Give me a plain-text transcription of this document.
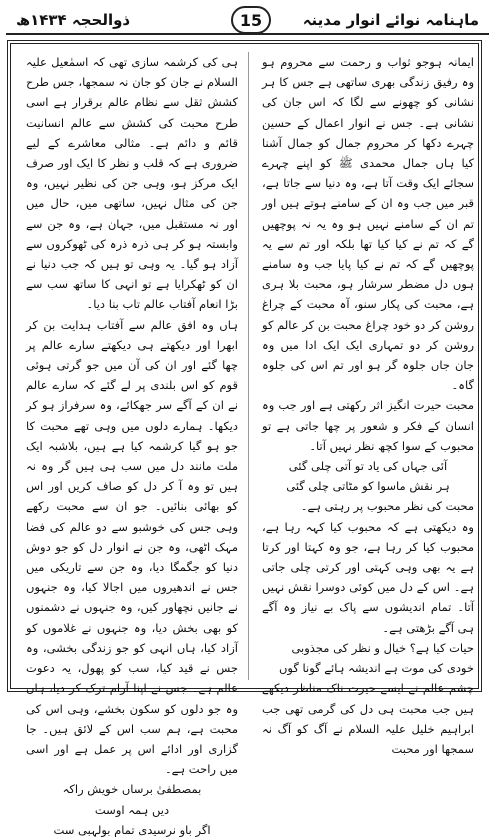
ذوالحجہ ۱۴۳۴ھ	15	ماہنامہ نوائے انوار مدینہ

ایمانہ ہوجو ثواب و رحمت سے محروم ہو وہ رفیق زندگی بھری ساتھی ہے جس کا ہر نشانی کو چھونے سے لگا کہ اس جان کی نشانی ہے۔ جس نے انوار اعمال کے حسین چہرے دکھا کر محروم جمال کو جمال آشنا کیا ہاں جمال محمدی ﷺ کو اپنے چہرے سجائے ایک وقت آتا ہے، وہ دنیا سے جاتا ہے، قبر میں جب وہ ان کے سامنے ہوتے ہیں اور تم ان کے سامنے نہیں ہو وہ یہ نہ پوچھیں گے کہ تم نے کیا کیا تھا بلکہ اور تم سے یہ پوچھیں گے کہ تم نے کیا پایا جب وہ سامنے ہوں دل مضطر سرشار ہو، محبت بلا ہری ہے، محبت کی پکار سنو، آہ محبت کے چراغ روشن کر دو خود چراغ محبت بن کر عالم کو روشن کر دو تمہاری ایک ایک ادا میں وہ جان جاں جلوہ گر ہو اور تم اس کی جلوہ گاہ۔

محبت حیرت انگیز اثر رکھتی ہے اور جب وہ انسان کے فکر و شعور پر چھا جاتی ہے تو محبوب کے سوا کچھ نظر نہیں آتا۔

آئی جہاں کی یاد تو آتی چلی گئی

ہر نقش ماسوا کو مٹاتی چلی گئی

محبت کی نظر محبوب پر رہتی ہے۔

وہ دیکھتی ہے کہ محبوب کیا کہہ رہا ہے، محبوب کیا کر رہا ہے، جو وہ کہتا اور کرتا ہے یہ بھی وہی کہتی اور کرتی چلی جاتی ہے۔ اس کے دل میں کوئی دوسرا نقش نہیں آتا۔ تمام اندیشوں سے پاک بے نیاز وہ آگے ہی آگے بڑھتی ہے۔

حیات کیا ہے؟ خیال و نظر کی مجذوبی

خودی کی موت ہے اندیشہ ہائے گونا گوں

چشم عالم نے ایسے حیرت ناک مناظر دیکھے ہیں جب محبت ہی دل کی گرمی تھی جب ابراہیم خلیل علیہ السلام نے آگ کو آگ نہ سمجھا اور محبت

ہی کی کرشمہ سازی تھی کہ اسمٰعیل علیہ السلام نے جان کو جان نہ سمجھا، جس طرح کشش ثقل سے نظام عالم برقرار ہے اسی طرح محبت کی کشش سے عالم انسانیت قائم و دائم ہے۔ مثالی معاشرے کے لیے ضروری ہے کہ قلب و نظر کا ایک اور صرف ایک مرکز ہو، وہی جن کی نظیر نہیں، وہ جن کی مثال نہیں، ساتھی میں، حال میں اور نہ مستقبل میں، جہان ہے، وہ جن سے وابستہ ہو کر ہی ذرہ ذرہ کی ٹھوکروں سے آزاد ہو گیا۔ یہ وہی تو ہیں کہ جب دنیا نے ان کو ٹھکرایا ہے تو انہی کا ساتھ سب سے بڑا انعام آفتاب عالم تاب بنا دیا۔

ہاں وہ افق عالم سے آفتاب ہدایت بن کر ابھرا اور دیکھتے ہی دیکھتے سارے عالم پر چھا گئے اور ان کی آن میں جو گرتی ہوئی قوم کو اس بلندی پر لے گئے کہ سارے عالم نے ان کے آگے سر جھکائے، وہ سرفراز ہو کر دیکھا۔ ہمارے دلوں میں وہی تھے محبت کا جو ہو گیا کرشمہ کیا ہے ہیں، بلاشبہ ایک ملت مانند دل میں سب ہی ہیں گر وہ نہ ہیں تو وہ آ کر دل کو صاف کریں اور اس کو بھائی بنائیں۔ جو ان سے محبت رکھے وہی جس کی خوشبو سے دو عالم کی فضا مہک اٹھی، وہ جن نے انوار دل کو جو دوش دنیا کو جگمگا دیا، وہ جن سے تاریکی میں جس نے اندھیروں میں اجالا کیا، وہ جنہوں نے جانیں نچھاور کیں، وہ جنہوں نے دشمنوں کو بھی بخش دیا، وہ جنہوں نے غلاموں کو آزاد کیا، ہاں انہی کو جو زندگی بخشی، وہ جس نے قید کیا، سب کو پھول، یہ دعوت عالم ہے۔ جس نے اپنا آرام ترک کر دیا، ہاں وہ جو دلوں کو سکون بخشے، وہی اس کی محبت ہے، ہم سب اس کے لائق ہیں۔ جا گزاری اور ادائے اس پر عمل ہے اور اسی میں راحت ہے۔

بمصطفیٰ برساں خویش راکہ

دیں ہمہ اوست

اگر باو نرسیدی تمام بولہبی ست
